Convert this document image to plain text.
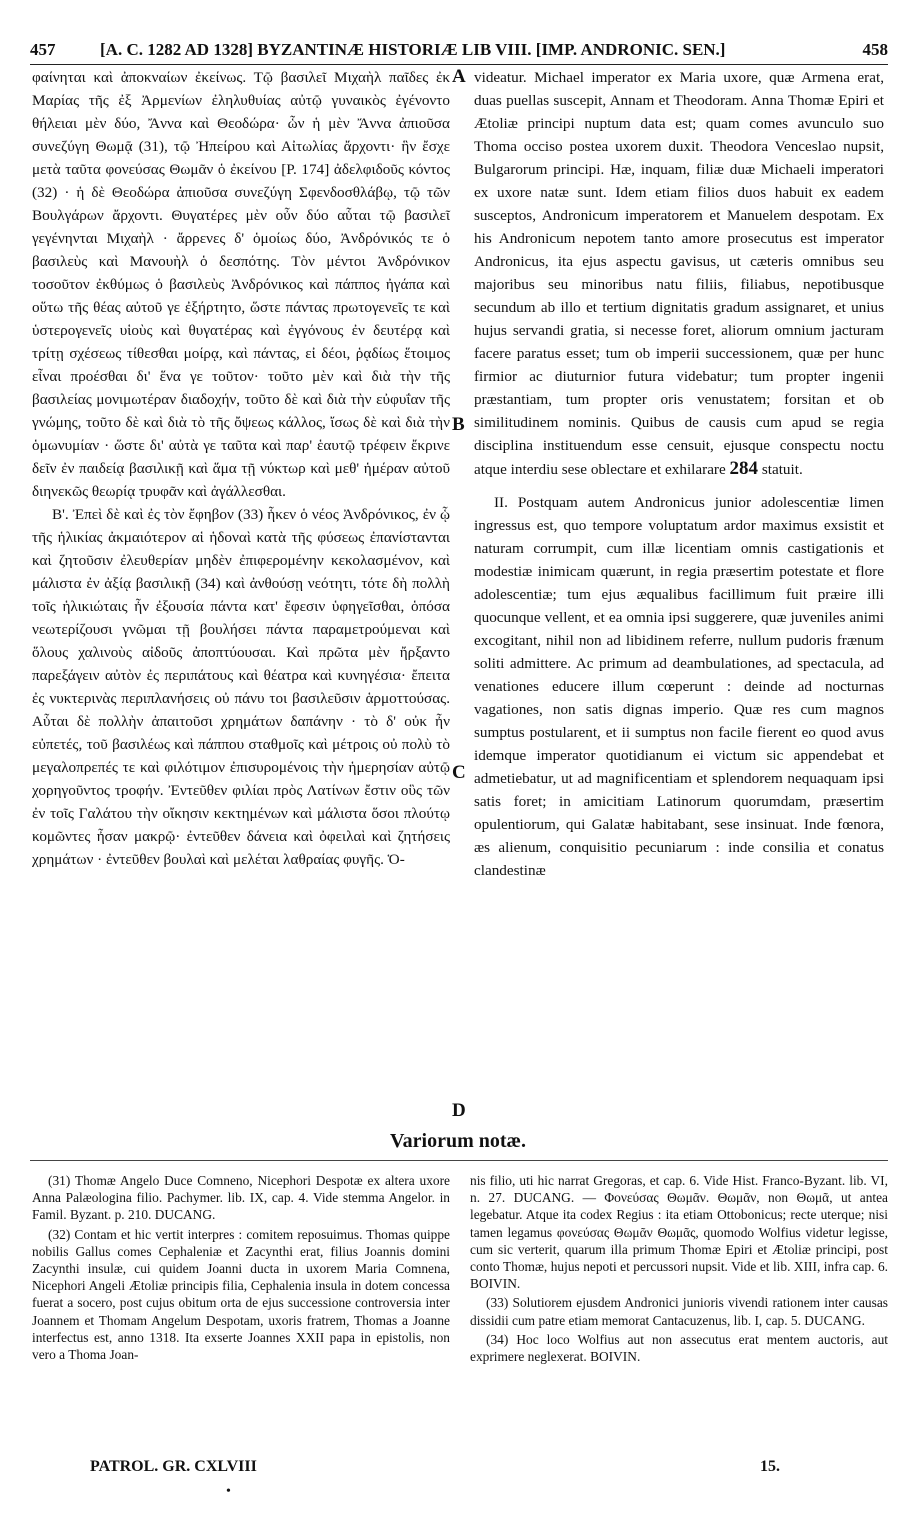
457	[A. C. 1282 AD 1328] BYZANTINÆ HISTORIÆ LIB VIII. [IMP. ANDRONIC. SEN.]	458

φαίνηται καὶ ἀποκναίων ἐκείνως. Τῷ βασιλεῖ Μιχαὴλ παῖδες ἐκ Μαρίας τῆς ἐξ Ἀρμενίων ἐληλυθυίας αὐτῷ γυναικὸς ἐγένοντο θήλειαι μὲν δύο, Ἄννα καὶ Θεοδώρα· ὧν ἡ μὲν Ἄννα ἀπιοῦσα συνεζύγη Θωμᾷ (31), τῷ Ἠπείρου καὶ Αἰτωλίας ἄρχοντι· ἣν ἔσχε μετὰ ταῦτα φονεύσας Θωμᾶν ὁ ἐκείνου [P. 174] ἀδελφιδοῦς κόντος (32) · ἡ δὲ Θεοδώρα ἀπιοῦσα συνεζύγη Σφενδοσθλάβῳ, τῷ τῶν Βουλγάρων ἄρχοντι. Θυγατέρες μὲν οὖν δύο αὗται τῷ βασιλεῖ γεγένηνται Μιχαὴλ · ἄρρενες δ' ὁμοίως δύο, Ἀνδρόνικός τε ὁ βασιλεὺς καὶ Μανουὴλ ὁ δεσπότης. Τὸν μέντοι Ἀνδρόνικον τοσοῦτον ἐκθύμως ὁ βασιλεὺς Ἀνδρόνικος καὶ πάππος ἠγάπα καὶ οὕτω τῆς θέας αὐτοῦ γε ἐξήρτητο, ὥστε πάντας πρωτογενεῖς τε καὶ ὑστερογενεῖς υἱοὺς καὶ θυγατέρας καὶ ἐγγόνους ἐν δευτέρᾳ καὶ τρίτῃ σχέσεως τίθεσθαι μοίρᾳ, καὶ πάντας, εἰ δέοι, ῥᾳδίως ἕτοιμος εἶναι προέσθαι δι' ἕνα γε τοῦτον· τοῦτο μὲν καὶ διὰ τὴν τῆς βασιλείας μονιμωτέραν διαδοχήν, τοῦτο δὲ καὶ διὰ τὴν εὐφυΐαν τῆς γνώμης, τοῦτο δὲ καὶ διὰ τὸ τῆς ὄψεως κάλλος, ἴσως δὲ καὶ διὰ τὴν ὁμωνυμίαν · ὥστε δι' αὐτὰ γε ταῦτα καὶ παρ' ἑαυτῷ τρέφειν ἔκρινε δεῖν ἐν παιδείᾳ βασιλικῇ καὶ ἅμα τῇ νύκτωρ καὶ μεθ' ἡμέραν αὐτοῦ διηνεκῶς θεωρίᾳ τρυφᾶν καὶ ἀγάλλεσθαι.

Β'. Ἐπεὶ δὲ καὶ ἐς τὸν ἔφηβον (33) ἧκεν ὁ νέος Ἀνδρόνικος, ἐν ᾧ τῆς ἡλικίας ἀκμαιότερον αἱ ἡδοναὶ κατὰ τῆς φύσεως ἐπανίστανται καὶ ζητοῦσιν ἐλευθερίαν μηδὲν ἐπιφερομένην κεκολασμένον, καὶ μάλιστα ἐν ἀξίᾳ βασιλικῇ (34) καὶ ἀνθούσῃ νεότητι, τότε δὴ πολλὴ τοῖς ἡλικιώταις ἦν ἐξουσία πάντα κατ' ἔφεσιν ὑφηγεῖσθαι, ὁπόσα νεωτερίζουσι γνῶμαι τῇ βουλήσει πάντα παραμετρούμεναι καὶ ὅλους χαλινοὺς αἰδοῦς ἀποπτύουσαι. Καὶ πρῶτα μὲν ἤρξαντο παρεξάγειν αὐτὸν ἐς περιπάτους καὶ θέατρα καὶ κυνηγέσια· ἔπειτα ἐς νυκτερινὰς περιπλανήσεις οὐ πάνυ τοι βασιλεῦσιν ἁρμοττούσας. Αὗται δὲ πολλὴν ἀπαιτοῦσι χρημάτων δαπάνην · τὸ δ' οὐκ ἦν εὐπετές, τοῦ βασιλέως καὶ πάππου σταθμοῖς καὶ μέτροις οὐ πολὺ τὸ μεγαλοπρεπές τε καὶ φιλότιμον ἐπισυρομένοις τὴν ἡμερησίαν αὐτῷ χορηγοῦντος τροφήν. Ἐντεῦθεν φιλίαι πρὸς Λατίνων ἔστιν οὓς τῶν ἐν τοῖς Γαλάτου τὴν οἴκησιν κεκτημένων καὶ μάλιστα ὅσοι πλούτῳ κομῶντες ἦσαν μακρῷ· ἐντεῦθεν δάνεια καὶ ὀφειλαὶ καὶ ζητήσεις χρημάτων · ἐντεῦθεν βουλαὶ καὶ μελέται λαθραίας φυγῆς. Ὁ-

A
B
C
D

videatur. Michael imperator ex Maria uxore, quæ Armena erat, duas puellas suscepit, Annam et Theodoram. Anna Thomæ Epiri et Ætoliæ principi nuptum data est; quam comes avunculo suo Thoma occiso postea uxorem duxit. Theodora Venceslao nupsit, Bulgarorum principi. Hæ, inquam, filiæ duæ Michaeli imperatori ex uxore natæ sunt. Idem etiam filios duos habuit ex eadem susceptos, Andronicum imperatorem et Manuelem despotam. Ex his Andronicum nepotem tanto amore prosecutus est imperator Andronicus, ita ejus aspectu gavisus, ut cæteris omnibus seu majoribus seu minoribus natu filiis, filiabus, nepotibusque secundum ab illo et tertium dignitatis gradum assignaret, et unius hujus servandi gratia, si necesse foret, aliorum omnium jacturam facere paratus esset; tum ob imperii successionem, quæ per hunc firmior ac diuturnior futura videbatur; tum propter ingenii præstantiam, tum propter oris venustatem; forsitan et ob similitudinem nominis. Quibus de causis cum apud se regia disciplina instituendum esse censuit, ejusque conspectu noctu atque interdiu sese oblectare et exhilarare 284 statuit.

II. Postquam autem Andronicus junior adolescentiæ limen ingressus est, quo tempore voluptatum ardor maximus exsistit et naturam corrumpit, cum illæ licentiam omnis castigationis et modestiæ inimicam quærunt, in regia præsertim potestate et flore adolescentiæ; tum ejus æqualibus facillimum fuit præire illi quocunque vellent, et ea omnia ipsi suggerere, quæ juveniles animi excogitant, nihil non ad libidinem referre, nullum pudoris frænum soliti admittere. Ac primum ad deambulationes, ad spectacula, ad venationes educere illum cœperunt : deinde ad nocturnas vagationes, non satis dignas imperio. Quæ res cum magnos sumptus postularent, et ii sumptus non facile fierent eo quod avus idemque imperator quotidianum ei victum sic appendebat et admetiebatur, ut ad magnificentiam et splendorem nequaquam ipsi satis foret; in amicitiam Latinorum quorumdam, præsertim opulentiorum, qui Galatæ habitabant, sese insinuat. Inde fœnora, æs alienum, conquisitio pecuniarum : inde consilia et conatus clandestinæ

Variorum notæ.

(31) Thomæ Angelo Duce Comneno, Nicephori Despotæ ex altera uxore Anna Palæologina filio. Pachymer. lib. IX, cap. 4. Vide stemma Angelor. in Famil. Byzant. p. 210. DUCANG.

(32) Contam et hic vertit interpres : comitem reposuimus. Thomas quippe nobilis Gallus comes Cephaleniæ et Zacynthi erat, filius Joannis domini Zacynthi insulæ, cui quidem Joanni ducta in uxorem Maria Comnena, Nicephori Angeli Ætoliæ principis filia, Cephalenia insula in dotem concessa fuerat a socero, post cujus obitum orta de ejus successione controversia inter Joannem et Thomam Angelum Despotam, uxoris fratrem, Thomas a Joanne interfectus est, anno 1318. Ita exserte Joannes XXII papa in epistolis, non vero a Thoma Joan-

nis filio, uti hic narrat Gregoras, et cap. 6. Vide Hist. Franco-Byzant. lib. VI, n. 27. DUCANG. — Φονεύσας Θωμᾶν. Θωμᾶν, non Θωμᾶ, ut antea legebatur. Atque ita codex Regius : ita etiam Ottobonicus; recte uterque; nisi tamen legamus φονεύσας Θωμᾶν Θωμᾶς, quomodo Wolfius videtur legisse, cum sic verterit, quarum illa primum Thomæ Epiri et Ætoliæ principi, post conto Thomæ, hujus nepoti et percussori nupsit. Vide et lib. XIII, infra cap. 6. BOIVIN.

(33) Solutiorem ejusdem Andronici junioris vivendi rationem inter causas dissidii cum patre etiam memorat Cantacuzenus, lib. I, cap. 5. DUCANG.

(34) Hoc loco Wolfius aut non assecutus erat mentem auctoris, aut exprimere neglexerat. BOIVIN.

PATROL. GR. CXLVIII	15.
•
